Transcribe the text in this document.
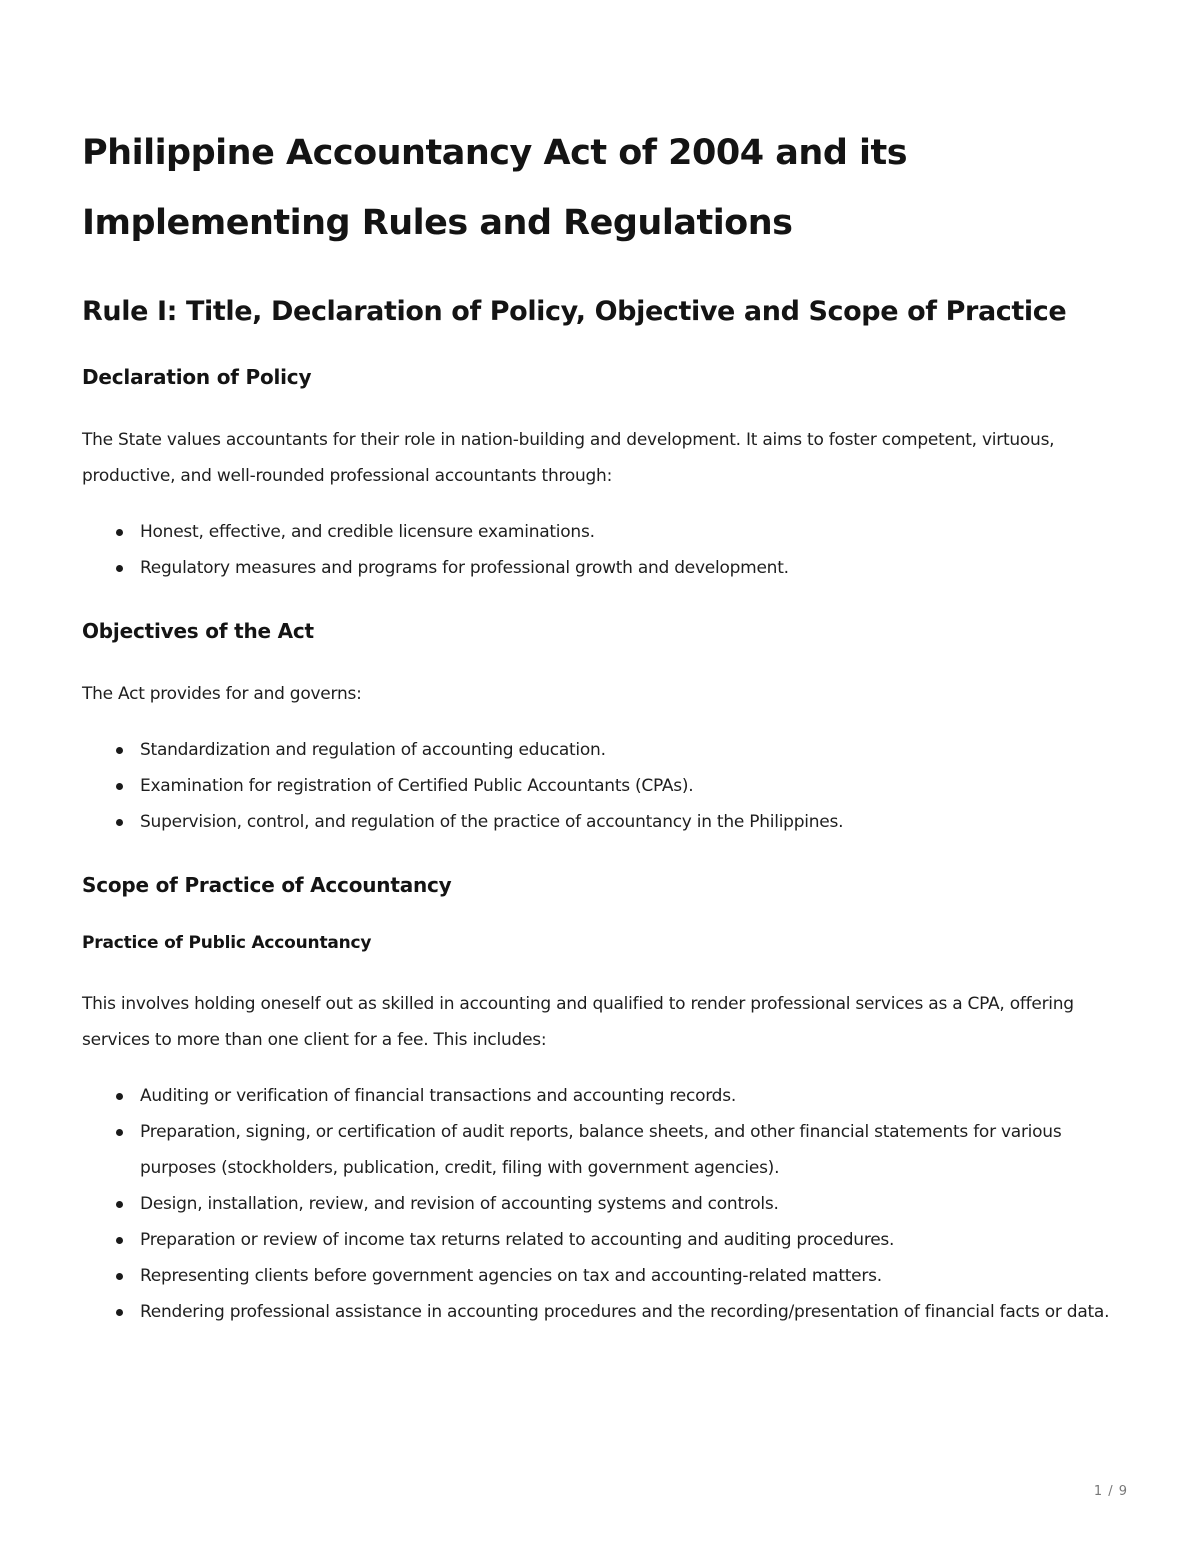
Philippine Accountancy Act of 2004 and its Implementing Rules and Regulations
Rule I: Title, Declaration of Policy, Objective and Scope of Practice
Declaration of Policy

The State values accountants for their role in nation-building and development. It aims to foster competent, virtuous, productive, and well-rounded professional accountants through:

Honest, effective, and credible licensure examinations.
Regulatory measures and programs for professional growth and development.
Objectives of the Act

The Act provides for and governs:

Standardization and regulation of accounting education.
Examination for registration of Certified Public Accountants (CPAs).
Supervision, control, and regulation of the practice of accountancy in the Philippines.
Scope of Practice of Accountancy
Practice of Public Accountancy

This involves holding oneself out as skilled in accounting and qualified to render professional services as a CPA, offering services to more than one client for a fee. This includes:

Auditing or verification of financial transactions and accounting records.
Preparation, signing, or certification of audit reports, balance sheets, and other financial statements for various purposes (stockholders, publication, credit, filing with government agencies).
Design, installation, review, and revision of accounting systems and controls.
Preparation or review of income tax returns related to accounting and auditing procedures.
Representing clients before government agencies on tax and accounting-related matters.
Rendering professional assistance in accounting procedures and the recording/presentation of financial facts or data.
1 / 9
